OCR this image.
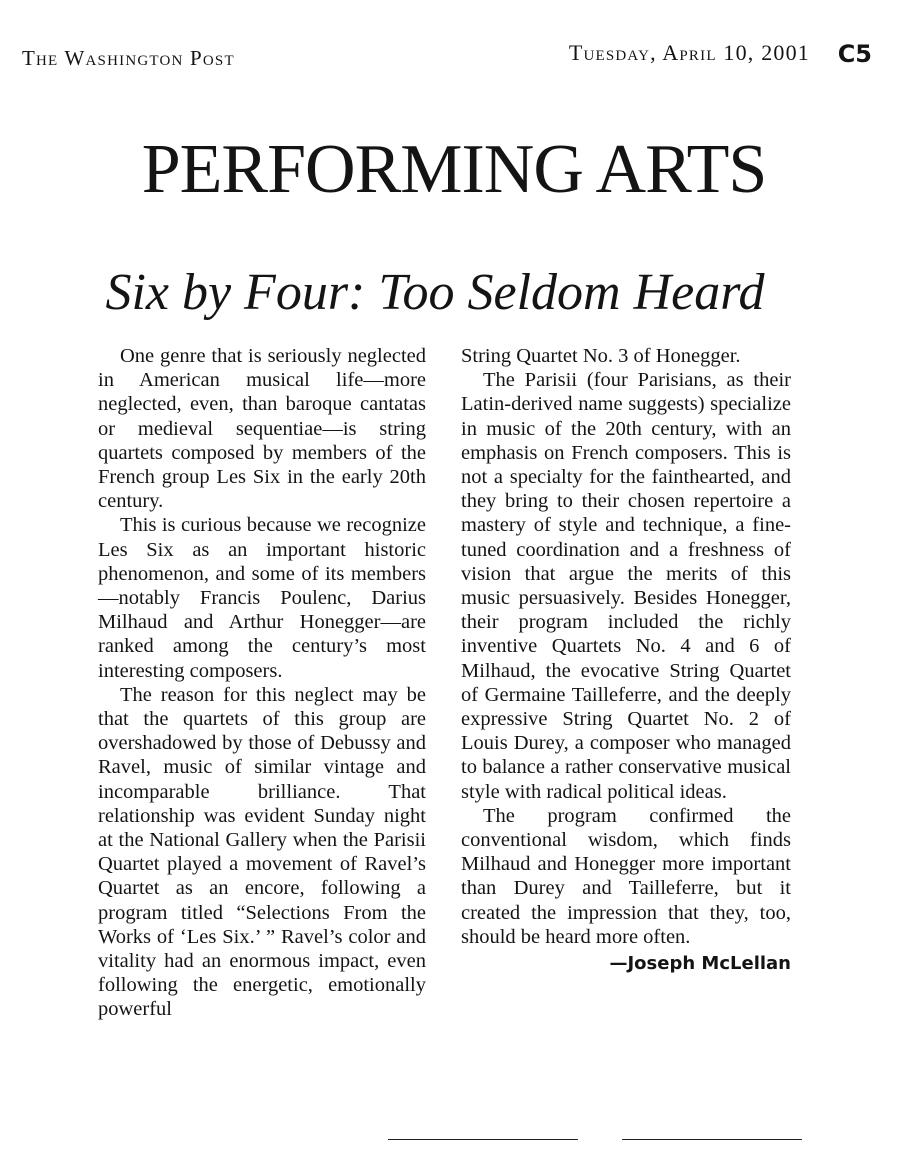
The Washington Post	Tuesday, April 10, 2001 C5
PERFORMING ARTS
Six by Four: Too Seldom Heard

One genre that is seriously neglected in American musical life—more neglected, even, than baroque cantatas or medieval sequentiae—is string quartets composed by members of the French group Les Six in the early 20th century.

This is curious because we recognize Les Six as an important historic phenomenon, and some of its members—notably Francis Poulenc, Darius Milhaud and Arthur Honegger—are ranked among the century’s most interesting composers.

The reason for this neglect may be that the quartets of this group are overshadowed by those of Debussy and Ravel, music of similar vintage and incomparable brilliance. That relationship was evident Sunday night at the National Gallery when the Parisii Quartet played a movement of Ravel’s Quartet as an encore, following a program titled “Selections From the Works of ‘Les Six.’ ” Ravel’s color and vitality had an enormous impact, even following the energetic, emotionally powerful

String Quartet No. 3 of Honegger.

The Parisii (four Parisians, as their Latin-derived name suggests) specialize in music of the 20th century, with an emphasis on French composers. This is not a specialty for the fainthearted, and they bring to their chosen repertoire a mastery of style and technique, a fine-tuned coordination and a freshness of vision that argue the merits of this music persuasively. Besides Honegger, their program included the richly inventive Quartets No. 4 and 6 of Milhaud, the evocative String Quartet of Germaine Tailleferre, and the deeply expressive String Quartet No. 2 of Louis Durey, a composer who managed to balance a rather conservative musical style with radical political ideas.

The program confirmed the conventional wisdom, which finds Milhaud and Honegger more important than Durey and Tailleferre, but it created the impression that they, too, should be heard more often.

—Joseph McLellan
